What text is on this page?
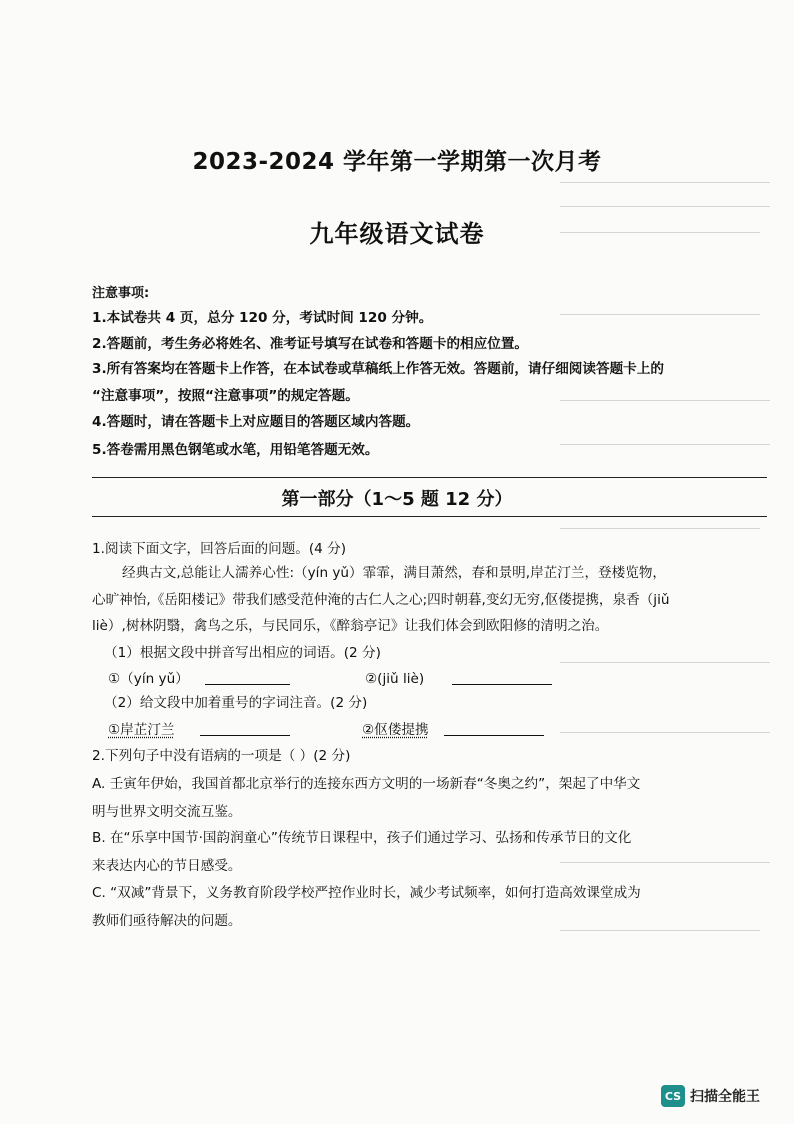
2023-2024 学年第一学期第一次月考
九年级语文试卷
注意事项:
1.本试卷共 4 页，总分 120 分，考试时间 120 分钟。
2.答题前，考生务必将姓名、准考证号填写在试卷和答题卡的相应位置。
3.所有答案均在答题卡上作答，在本试卷或草稿纸上作答无效。答题前，请仔细阅读答题卡上的
“注意事项”，按照“注意事项”的规定答题。
4.答题时，请在答题卡上对应题目的答题区域内答题。
5.答卷需用黑色钢笔或水笔，用铅笔答题无效。
第一部分（1～5 题 12 分）
1.阅读下面文字，回答后面的问题。(4 分)
经典古文,总能让人濡养心性:（yín yǔ）霏霏，满目萧然，春和景明,岸芷汀兰，登楼览物，
心旷神怡,《岳阳楼记》带我们感受范仲淹的古仁人之心;四时朝暮,变幻无穷,伛偻提携，泉香（jiǔ
liè）,树林阴翳，禽鸟之乐，与民同乐，《醉翁亭记》让我们体会到欧阳修的清明之治。
（1）根据文段中拼音写出相应的词语。(2 分)
①（yín yǔ）	②(jiǔ liè)
（2）给文段中加着重号的字词注音。(2 分)
①岸芷汀兰	②伛偻提携
2.下列句子中没有语病的一项是（ ）(2 分)
A. 壬寅年伊始，我国首都北京举行的连接东西方文明的一场新春“冬奥之约”，架起了中华文
明与世界文明交流互鉴。
B. 在“乐享中国节·国韵润童心”传统节日课程中，孩子们通过学习、弘扬和传承节日的文化
来表达内心的节日感受。
C. “双减”背景下，义务教育阶段学校严控作业时长，减少考试频率，如何打造高效课堂成为
教师们亟待解决的问题。
CS 扫描全能王
